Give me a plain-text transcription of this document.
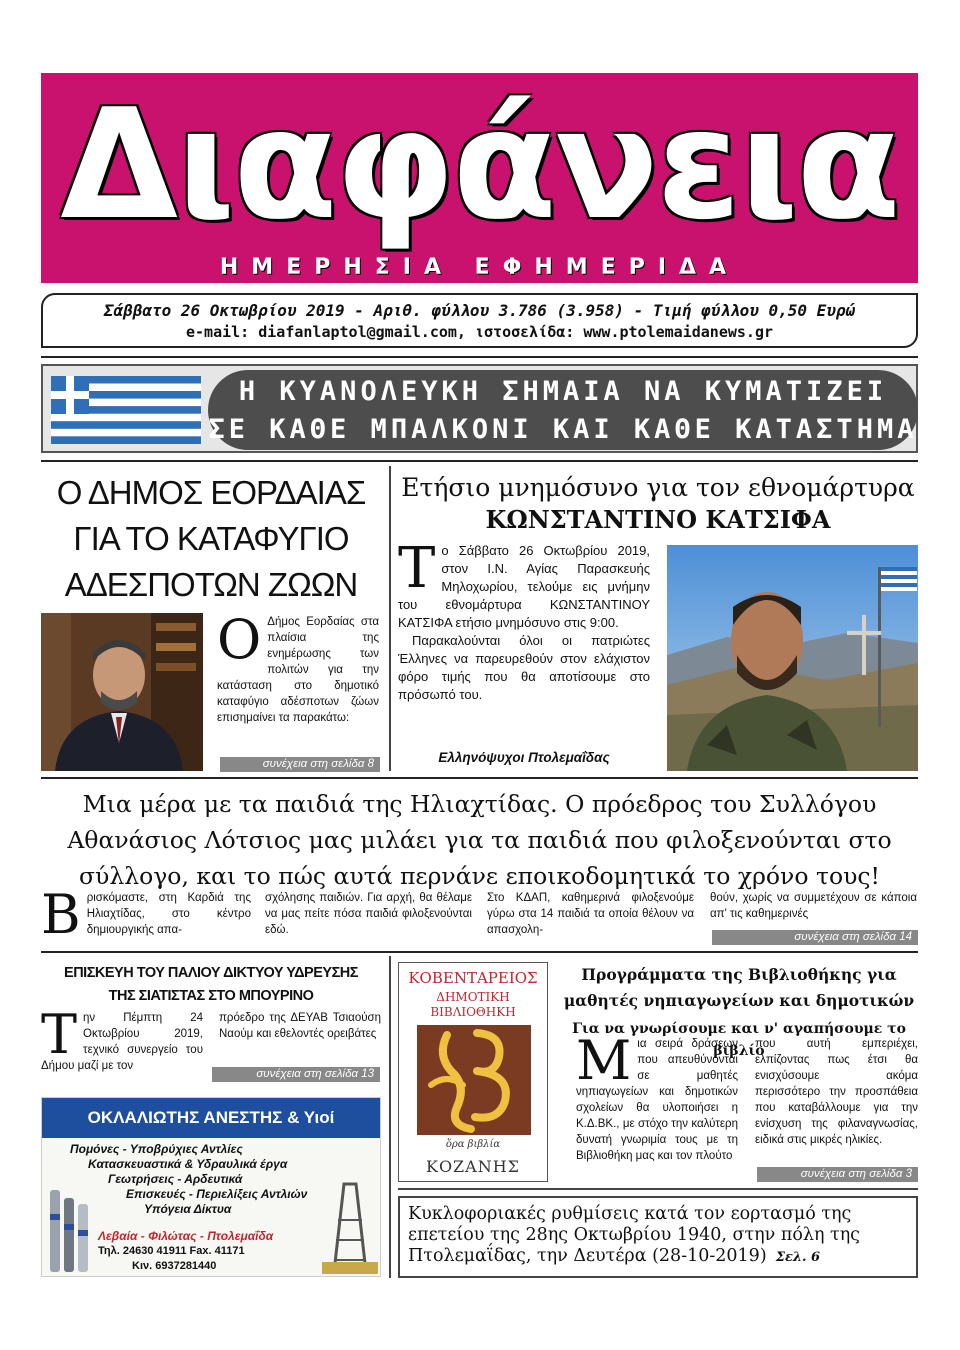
Διαφάνεια
ΗΜΕΡΗΣΙΑ ΕΦΗΜΕΡΙΔΑ
Σάββατο 26 Οκτωβρίου 2019 - Αριθ. φύλλου 3.786 (3.958) - Τιμή φύλλου 0,50 Ευρώ
e-mail: diafanlaptol@gmail.com, ιστοσελίδα: www.ptolemaidanews.gr
Η ΚΥΑΝΟΛΕΥΚΗ ΣΗΜΑΙΑ ΝΑ ΚΥΜΑΤΙΖΕΙ
ΣΕ ΚΑΘΕ ΜΠΑΛΚΟΝΙ ΚΑΙ ΚΑΘΕ ΚΑΤΑΣΤΗΜΑ
Ο ΔΗΜΟΣ ΕΟΡΔΑΙΑΣ
ΓΙΑ ΤΟ ΚΑΤΑΦΥΓΙΟ
ΑΔΕΣΠΟΤΩΝ ΖΩΩΝ
Ο Δήμος Εορδαίας στα πλαίσια της ενημέρωσης των πολιτών για την κατάσταση στο δημοτικό καταφύγιο αδέσποτων ζώων επισημαίνει τα παρακάτω:
συνέχεια στη σελίδα 8
Ετήσιο μνημόσυνο για τον εθνομάρτυρα
ΚΩΝΣΤΑΝΤΙΝΟ ΚΑΤΣΙΦΑ
Τ ο Σάββατο 26 Οκτωβρίου 2019, στον Ι.Ν. Αγίας Παρασκευής Μηλοχωρίου, τελούμε εις μνήμην του εθνομάρτυρα ΚΩΝΣΤΑΝΤΙΝΟΥ ΚΑΤΣΙΦΑ ετήσιο μνημόσυνο στις 9:00.
Παρακαλούνται όλοι οι πατριώτες Έλληνες να παρευρεθούν στον ελάχιστον φόρο τιμής που θα αποτίσουμε στο πρόσωπό του.
Ελληνόψυχοι Πτολεμαΐδας
Μια μέρα με τα παιδιά της Ηλιαχτίδας. Ο πρόεδρος του Συλλόγου
Αθανάσιος Λότσιος μας μιλάει για τα παιδιά που φιλοξενούνται στο
σύλλογο, και το πώς αυτά περνάνε εποικοδομητικά το χρόνο τους!
Β ρισκόμαστε, στη Καρδιά της Ηλιαχτίδας, στο κέντρο δημιουργικής απα-
σχόλησης παιδιών. Για αρχή, θα θέλαμε να μας πείτε πόσα παιδιά φιλοξενούνται εδώ.
Στο ΚΔΑΠ, καθημερινά φιλοξενούμε γύρω στα 14 παιδιά τα οποία θέλουν να απασχολη-
θούν, χωρίς να συμμετέχουν σε κάποια απ' τις καθημερινές
συνέχεια στη σελίδα 14
ΕΠΙΣΚΕΥΗ ΤΟΥ ΠΑΛΙΟΥ ΔΙΚΤΥΟΥ ΥΔΡΕΥΣΗΣ
ΤΗΣ ΣΙΑΤΙΣΤΑΣ ΣΤΟ ΜΠΟΥΡΙΝΟ
Τ ην Πέμπτη 24 Οκτωβρίου 2019, τεχνικό συνεργείο του Δήμου μαζί με τον
πρόεδρο της ΔΕΥΑΒ Τσιαούση Ναούμ και εθελοντές ορειβάτες
συνέχεια στη σελίδα 13
ΟΚΛΑΛΙΩΤΗΣ ΑΝΕΣΤΗΣ & Υιοί
Πομόνες - Υποβρύχιες Αντλίες
Κατασκευαστικά & Υδραυλικά έργα
Γεωτρήσεις - Αρδευτικά
Επισκευές - Περιελίξεις Αντλιών
Υπόγεια Δίκτυα
Λεβαία - Φιλώτας - Πτολεμαΐδα
Τηλ. 24630 41911 Fax. 41171
Κιν. 6937281440
ΚΟΒΕΝΤΑΡΕΙΟΣ
ΔΗΜΟΤΙΚΗ
ΒΙΒΛΙΟΘΗΚΗ
ὅρα βιβλία
ΚΟΖΑΝΗΣ
Προγράμματα της Βιβλιοθήκης για μαθητές νηπιαγωγείων και δημοτικών
Για να γνωρίσουμε και ν' αγαπήσουμε το βιβλίο
Μ ια σειρά δράσεων που απευθύνονται σε μαθητές νηπιαγωγείων και δημοτικών σχολείων θα υλοποιήσει η Κ.Δ.ΒΚ., με στόχο την καλύτερη δυνατή γνωριμία τους με τη Βιβλιοθήκη μας και τον πλούτο
που αυτή εμπεριέχει, ελπίζοντας πως έτσι θα ενισχύσουμε ακόμα περισσότερο την προσπάθεια που καταβάλλουμε για την ενίσχυση της φιλαναγνωσίας, ειδικά στις μικρές ηλικίες.
συνέχεια στη σελίδα 3
Κυκλοφοριακές ρυθμίσεις κατά τον εορτασμό της επετείου της 28ης Οκτωβρίου 1940, στην πόλη της Πτολεμαΐδας, την Δευτέρα (28-10-2019) Σελ. 6
